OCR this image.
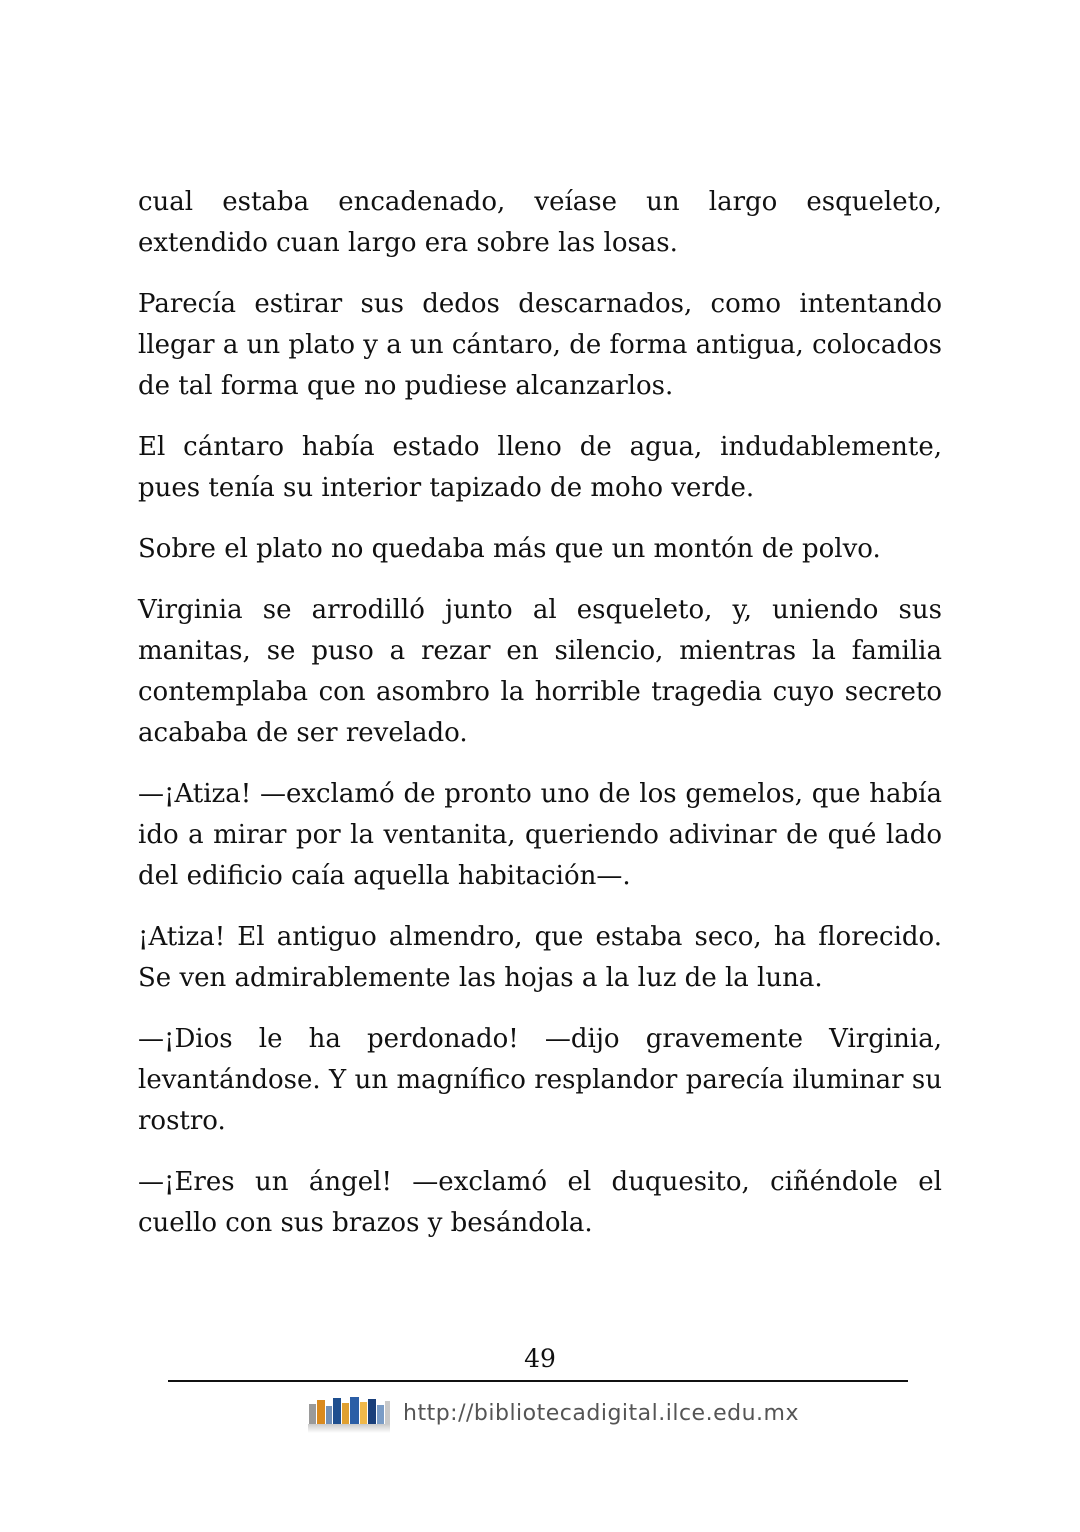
cual estaba encadenado, veíase un largo esqueleto, extendido cuan largo era sobre las losas.

Parecía estirar sus dedos descarnados, como intentando llegar a un plato y a un cántaro, de forma antigua, colocados de tal forma que no pudiese alcanzarlos.

El cántaro había estado lleno de agua, indudablemente, pues tenía su interior tapizado de moho verde.

Sobre el plato no quedaba más que un montón de polvo.

Virginia se arrodilló junto al esqueleto, y, uniendo sus manitas, se puso a rezar en silencio, mientras la familia contemplaba con asombro la horrible tragedia cuyo secreto acababa de ser revelado.

—¡Atiza! —exclamó de pronto uno de los gemelos, que había ido a mirar por la ventanita, queriendo adivinar de qué lado del edificio caía aquella habitación—.

¡Atiza! El antiguo almendro, que estaba seco, ha florecido. Se ven admirablemente las hojas a la luz de la luna.

—¡Dios le ha perdonado! —dijo gravemente Virginia, levantándose. Y un magnífico resplandor parecía iluminar su rostro.

—¡Eres un ángel! —exclamó el duquesito, ciñéndole el cuello con sus brazos y besándola.

49
http://bibliotecadigital.ilce.edu.mx
